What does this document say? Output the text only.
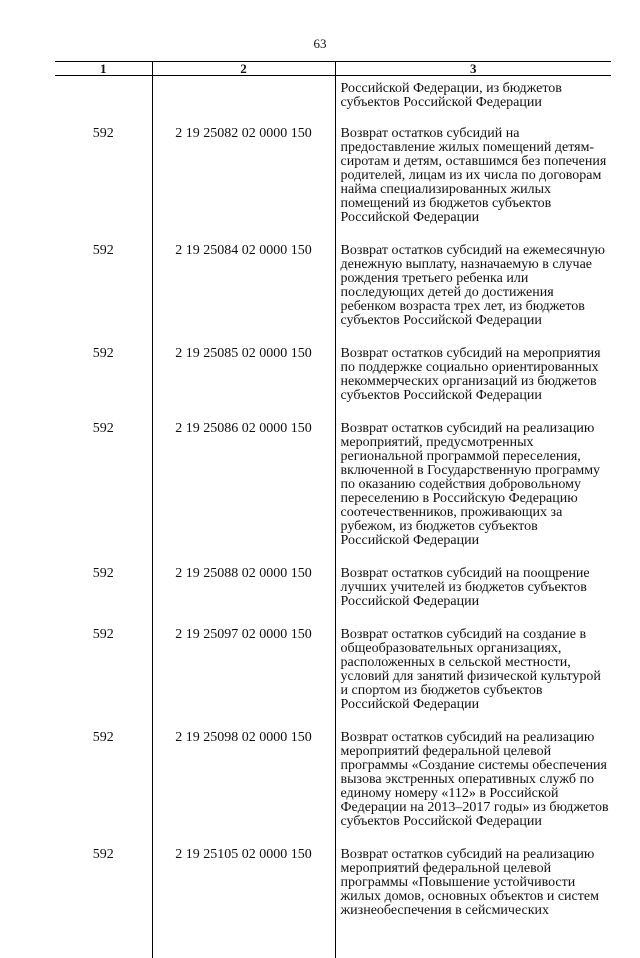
63
1	2	3
		Российской Федерации, из бюджетов субъектов Российской Федерации
592	2 19 25082 02 0000 150	Возврат остатков субсидий на предоставление жилых помещений детям-сиротам и детям, оставшимся без попечения родителей, лицам из их числа по договорам найма специализированных жилых помещений из бюджетов субъектов Российской Федерации
592	2 19 25084 02 0000 150	Возврат остатков субсидий на ежемесячную денежную выплату, назначаемую в случае рождения третьего ребенка или последующих детей до достижения ребенком возраста трех лет, из бюджетов субъектов Российской Федерации
592	2 19 25085 02 0000 150	Возврат остатков субсидий на мероприятия по поддержке социально ориентированных некоммерческих организаций из бюджетов субъектов Российской Федерации
592	2 19 25086 02 0000 150	Возврат остатков субсидий на реализацию мероприятий, предусмотренных региональной программой переселения, включенной в Государственную программу по оказанию содействия добровольному переселению в Российскую Федерацию соотечественников, проживающих за рубежом, из бюджетов субъектов Российской Федерации
592	2 19 25088 02 0000 150	Возврат остатков субсидий на поощрение лучших учителей из бюджетов субъектов Российской Федерации
592	2 19 25097 02 0000 150	Возврат остатков субсидий на создание в общеобразовательных организациях, расположенных в сельской местности, условий для занятий физической культурой и спортом из бюджетов субъектов Российской Федерации
592	2 19 25098 02 0000 150	Возврат остатков субсидий на реализацию мероприятий федеральной целевой программы «Создание системы обеспечения вызова экстренных оперативных служб по единому номеру «112» в Российской Федерации на 2013–2017 годы» из бюджетов субъектов Российской Федерации
592	2 19 25105 02 0000 150	Возврат остатков субсидий на реализацию мероприятий федеральной целевой программы «Повышение устойчивости жилых домов, основных объектов и систем жизнеобеспечения в сейсмических
